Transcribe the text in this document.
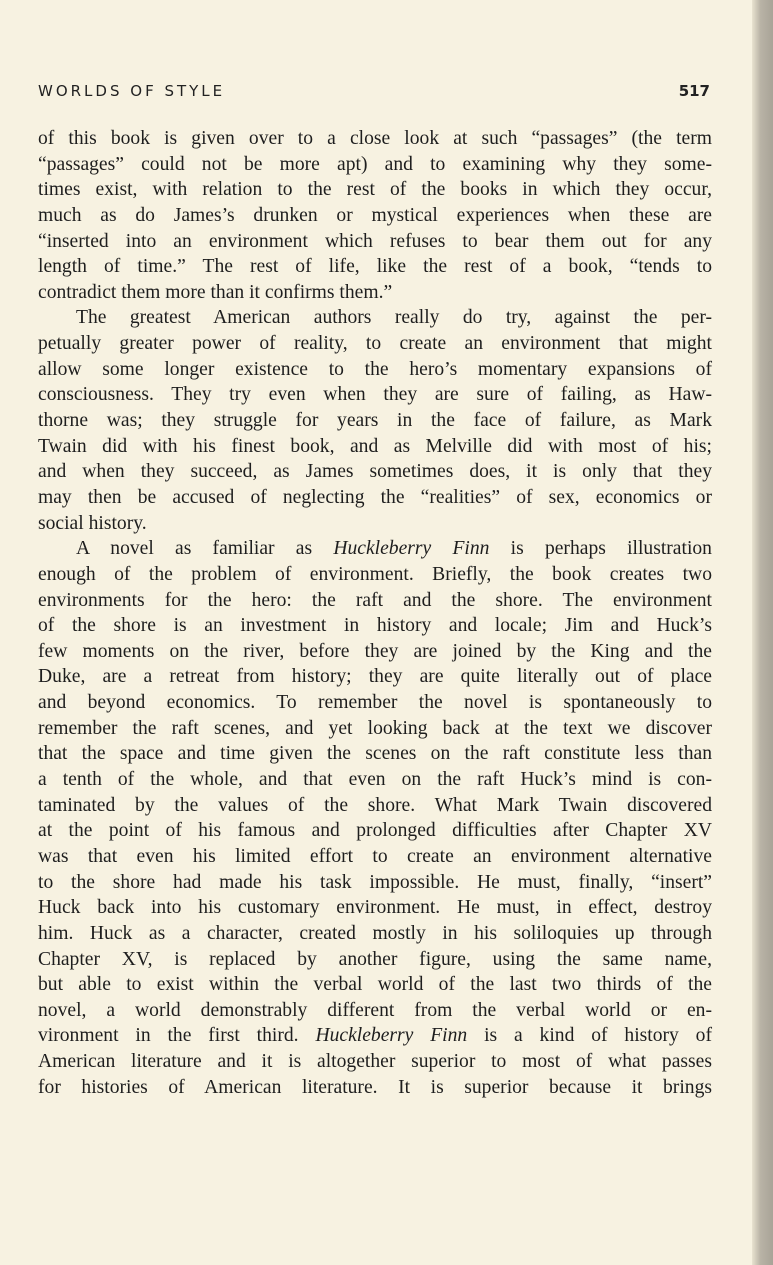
WORLDS OF STYLE	517
of this book is given over to a close look at such “passages” (the term
“passages” could not be more apt) and to examining why they some-
times exist, with relation to the rest of the books in which they occur,
much as do James’s drunken or mystical experiences when these are
“inserted into an environment which refuses to bear them out for any
length of time.” The rest of life, like the rest of a book, “tends to
contradict them more than it confirms them.”
The greatest American authors really do try, against the per-
petually greater power of reality, to create an environment that might
allow some longer existence to the hero’s momentary expansions of
consciousness. They try even when they are sure of failing, as Haw-
thorne was; they struggle for years in the face of failure, as Mark
Twain did with his finest book, and as Melville did with most of his;
and when they succeed, as James sometimes does, it is only that they
may then be accused of neglecting the “realities” of sex, economics or
social history.
A novel as familiar as Huckleberry Finn is perhaps illustration
enough of the problem of environment. Briefly, the book creates two
environments for the hero: the raft and the shore. The environment
of the shore is an investment in history and locale; Jim and Huck’s
few moments on the river, before they are joined by the King and the
Duke, are a retreat from history; they are quite literally out of place
and beyond economics. To remember the novel is spontaneously to
remember the raft scenes, and yet looking back at the text we discover
that the space and time given the scenes on the raft constitute less than
a tenth of the whole, and that even on the raft Huck’s mind is con-
taminated by the values of the shore. What Mark Twain discovered
at the point of his famous and prolonged difficulties after Chapter XV
was that even his limited effort to create an environment alternative
to the shore had made his task impossible. He must, finally, “insert”
Huck back into his customary environment. He must, in effect, destroy
him. Huck as a character, created mostly in his soliloquies up through
Chapter XV, is replaced by another figure, using the same name,
but able to exist within the verbal world of the last two thirds of the
novel, a world demonstrably different from the verbal world or en-
vironment in the first third. Huckleberry Finn is a kind of history of
American literature and it is altogether superior to most of what passes
for histories of American literature. It is superior because it brings
